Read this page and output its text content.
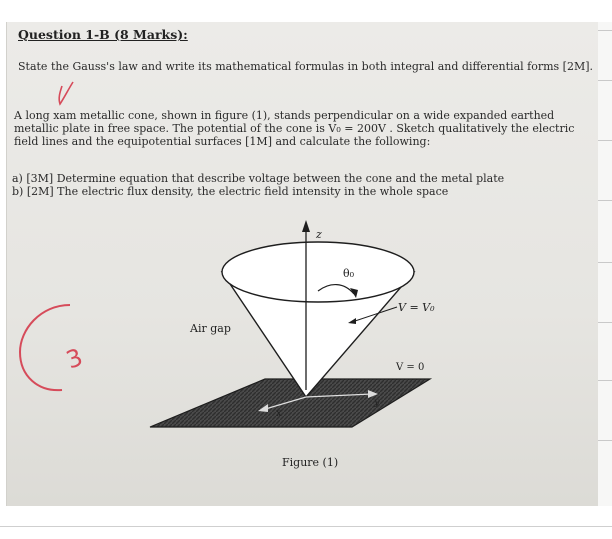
Question 1-B (8 Marks):

State the Gauss's law and write its mathematical formulas in both integral and differential forms [2M].

A long xam metallic cone, shown in figure (1), stands perpendicular on a wide expanded earthed metallic plate in free space. The potential of the cone is V₀ = 200V . Sketch qualitatively the electric field lines and the equipotential surfaces [1M] and calculate the following:

a) [3M] Determine equation that describe voltage between the cone and the metal plate

b) [2M] The electric flux density, the electric field intensity in the whole space

z
θ₀
V = V₀
Air gap
V = 0
x
y
Figure (1)
3
